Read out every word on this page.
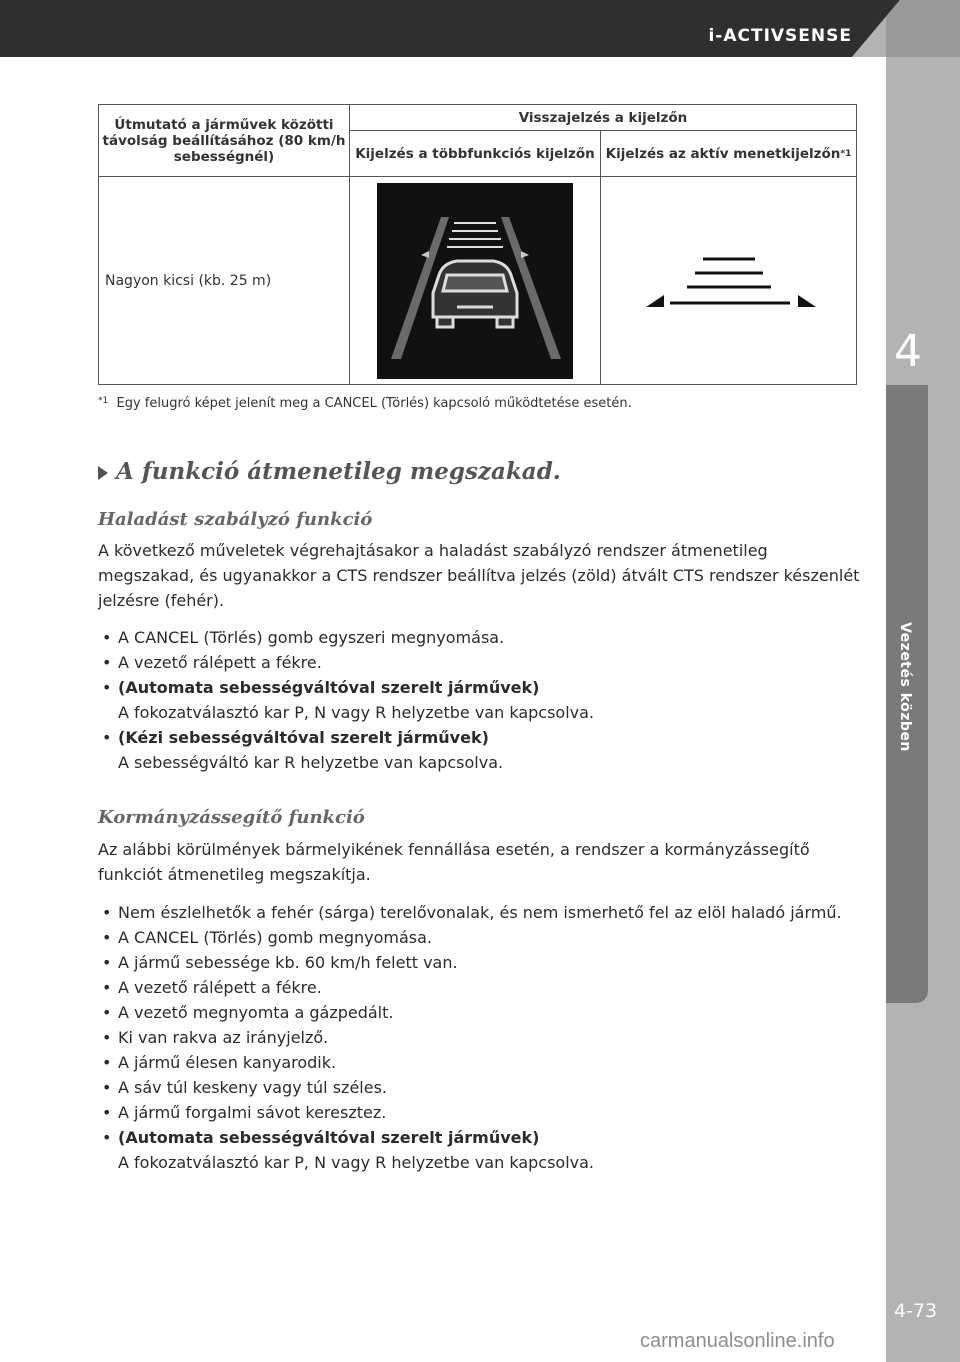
i-ACTIVSENSE
4
Vezetés közben
4-73
Útmutató a járművek közötti távolság beállításához (80 km/h sebességnél)	Visszajelzés a kijelzőn	
	Kijelzés a többfunkciós kijelzőn	Kijelzés az aktív menetkijelzőn$^{*1}$
Nagyon kicsi (kb. 25 m)	

$^{*1}$ Egy felugró képet jelenít meg a CANCEL (Törlés) kapcsoló működtetése esetén.
A funkció átmenetileg megszakad.
Haladást szabályzó funkció
A következő műveletek végrehajtásakor a haladást szabályzó rendszer átmenetileg megszakad, és ugyanakkor a CTS rendszer beállítva jelzés (zöld) átvált CTS rendszer készenlét jelzésre (fehér).
• A CANCEL (Törlés) gomb egyszeri megnyomása.
• A vezető rálépett a fékre.
• (Automata sebességváltóval szerelt járművek)
A fokozatválasztó kar P, N vagy R helyzetbe van kapcsolva.
• (Kézi sebességváltóval szerelt járművek)
A sebességváltó kar R helyzetbe van kapcsolva.
Kormányzássegítő funkció
Az alábbi körülmények bármelyikének fennállása esetén, a rendszer a kormányzássegítő funkciót átmenetileg megszakítja.
• Nem észlelhetők a fehér (sárga) terelővonalak, és nem ismerhető fel az elöl haladó jármű.
• A CANCEL (Törlés) gomb megnyomása.
• A jármű sebessége kb. 60 km/h felett van.
• A vezető rálépett a fékre.
• A vezető megnyomta a gázpedált.
• Ki van rakva az irányjelző.
• A jármű élesen kanyarodik.
• A sáv túl keskeny vagy túl széles.
• A jármű forgalmi sávot keresztez.
• (Automata sebességváltóval szerelt járművek)
A fokozatválasztó kar P, N vagy R helyzetbe van kapcsolva.
carmanualsonline.info
